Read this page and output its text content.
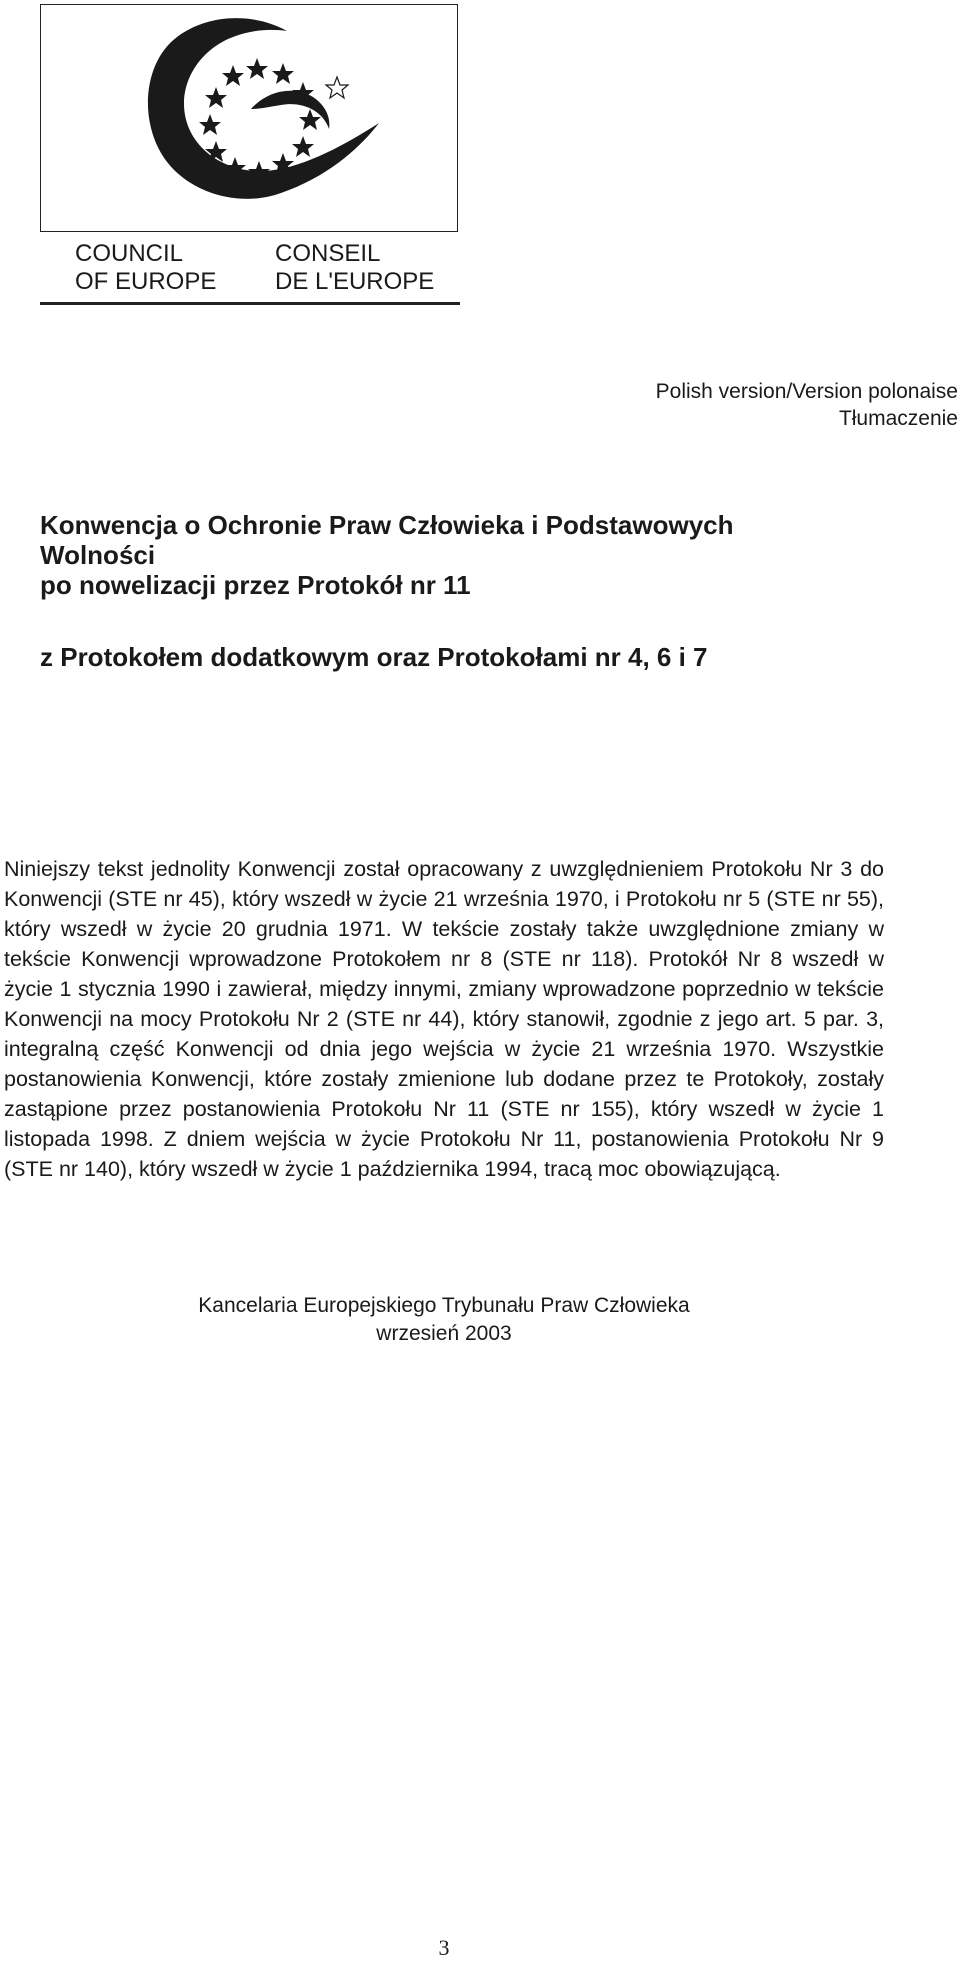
COUNCIL
OF EUROPE
CONSEIL
DE L'EUROPE
Polish version/Version polonaise
Tłumaczenie
Konwencja o Ochronie Praw Człowieka i Podstawowych
Wolności
po nowelizacji przez Protokół nr 11
z Protokołem dodatkowym oraz Protokołami nr 4, 6 i 7

Niniejszy tekst jednolity Konwencji został opracowany z uwzględnieniem Protokołu Nr 3 do Konwencji (STE nr 45), który wszedł w życie 21 września 1970, i Protokołu nr 5 (STE nr 55), który wszedł w życie 20 grudnia 1971. W tekście zostały także uwzględnione zmiany w tekście Konwencji wprowadzone Protokołem nr 8 (STE nr 118). Protokół Nr 8 wszedł w życie 1 stycznia 1990 i zawierał, między innymi, zmiany wprowadzone poprzednio w tekście Konwencji na mocy Protokołu Nr 2 (STE nr 44), który stanowił, zgodnie z jego art. 5 par. 3, integralną część Konwencji od dnia jego wejścia w życie 21 września 1970. Wszystkie postanowienia Konwencji, które zostały zmienione lub dodane przez te Protokoły, zostały zastąpione przez postanowienia Protokołu Nr 11 (STE nr 155), który wszedł w życie 1 listopada 1998. Z dniem wejścia w życie Protokołu Nr 11, postanowienia Protokołu Nr 9 (STE nr 140), który wszedł w życie 1 października 1994, tracą moc obowiązującą.

Kancelaria Europejskiego Trybunału Praw Człowieka
wrzesień 2003
3
